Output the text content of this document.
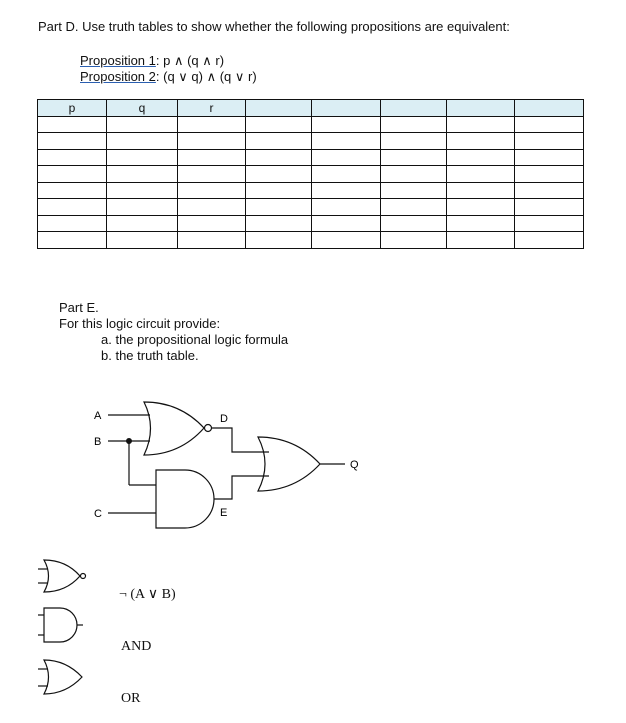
Part D. Use truth tables to show whether the following propositions are equivalent:
Proposition 1: p ∧ (q ∧ r)
Proposition 2: (q ∨ q) ∧ (q ∨ r)
p	q	r					

Part E.
For this logic circuit provide:
a. the propositional logic formula
b. the truth table.
A
B
C
D
E
Q
¬ (A ∨ B)
AND
OR
